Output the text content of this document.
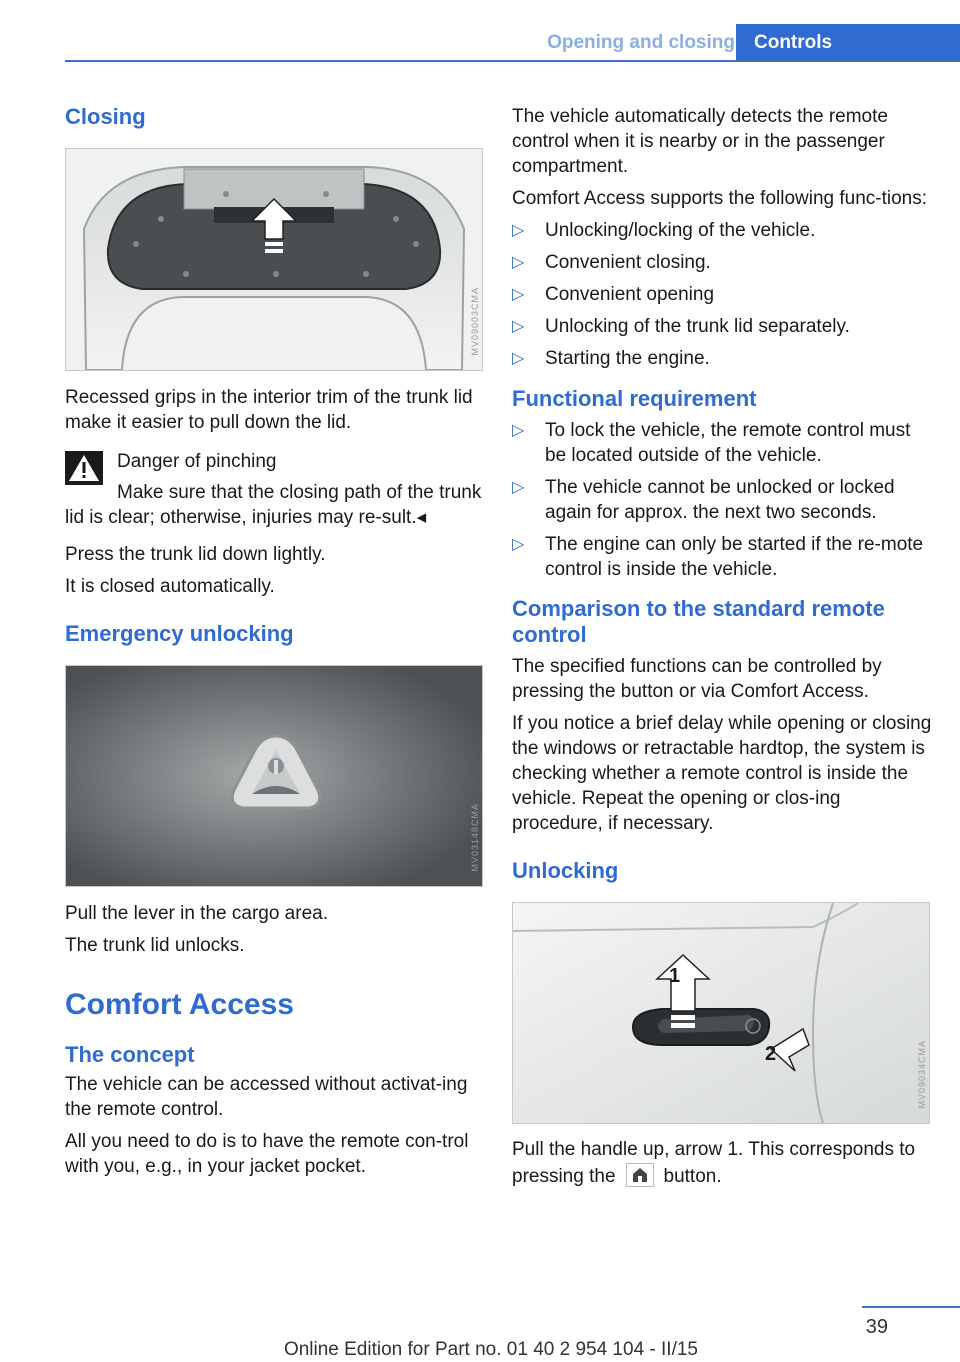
Opening and closing	Controls
Closing
MV09003CMA

Recessed grips in the interior trim of the trunk lid make it easier to pull down the lid.

Danger of pinching

Make sure that the closing path of the trunk lid is clear; otherwise, injuries may re-sult.◂

Press the trunk lid down lightly.

It is closed automatically.

Emergency unlocking
MV03148CMA

Pull the lever in the cargo area.

The trunk lid unlocks.

Comfort Access
The concept

The vehicle can be accessed without activat-ing the remote control.

All you need to do is to have the remote con-trol with you, e.g., in your jacket pocket.

The vehicle automatically detects the remote control when it is nearby or in the passenger compartment.

Comfort Access supports the following func-tions:

▷ Unlocking/locking of the vehicle.
▷ Convenient closing.
▷ Convenient opening
▷ Unlocking of the trunk lid separately.
▷ Starting the engine.
Functional requirement
▷ To lock the vehicle, the remote control must be located outside of the vehicle.
▷ The vehicle cannot be unlocked or locked again for approx. the next two seconds.
▷ The engine can only be started if the re-mote control is inside the vehicle.
Comparison to the standard remote control

The specified functions can be controlled by pressing the button or via Comfort Access.

If you notice a brief delay while opening or closing the windows or retractable hardtop, the system is checking whether a remote control is inside the vehicle. Repeat the opening or clos-ing procedure, if necessary.

Unlocking
1
2	MV09034CMA

Pull the handle up, arrow 1. This corresponds to pressing the	button.

39
Online Edition for Part no. 01 40 2 954 104 - II/15
